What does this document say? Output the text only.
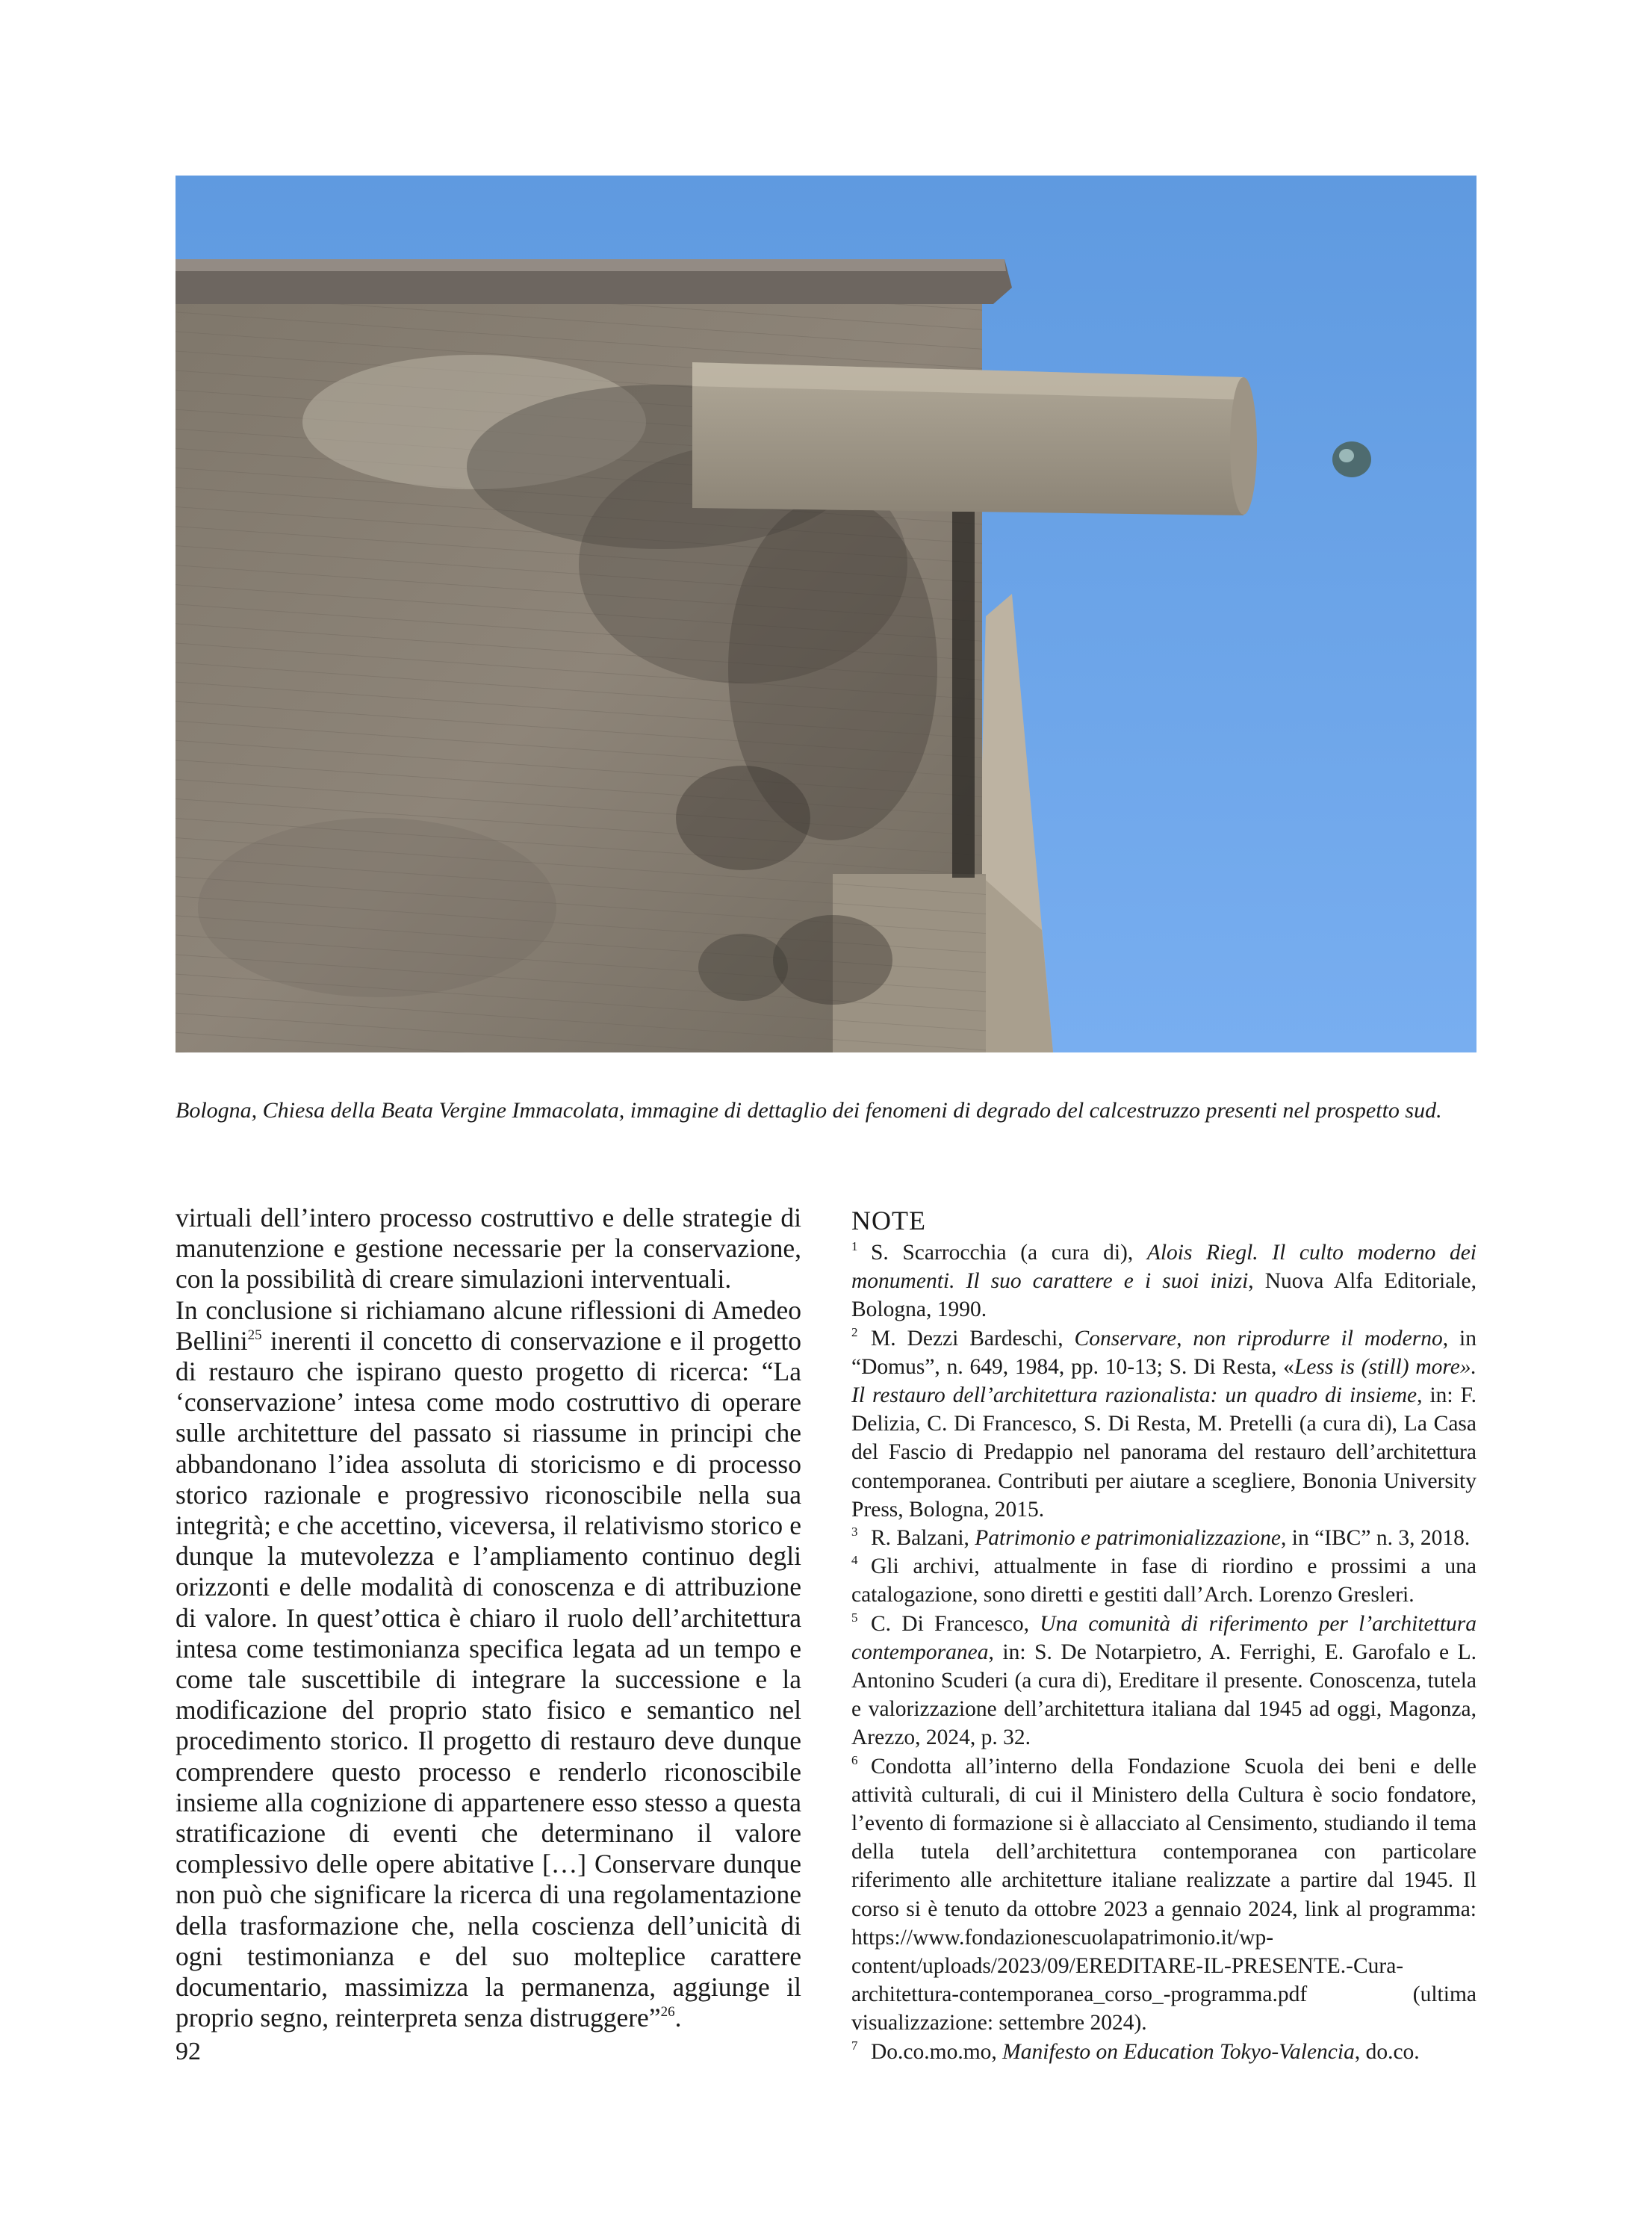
Bologna, Chiesa della Beata Vergine Immacolata, immagine di dettaglio dei fenomeni di degrado del calcestruzzo presenti nel prospetto sud.

virtuali dell’intero processo costruttivo e delle strategie di manutenzione e gestione necessarie per la conservazione, con la possibilità di creare simulazioni interventuali.

In conclusione si richiamano alcune riflessioni di Amedeo Bellini$^{25}$ inerenti il concetto di conservazione e il progetto di restauro che ispirano questo progetto di ricerca: “La ‘conservazione’ intesa come modo costruttivo di operare sulle architetture del passato si riassume in principi che abbandonano l’idea assoluta di storicismo e di processo storico razionale e progressivo riconoscibile nella sua integrità; e che accettino, viceversa, il relativismo storico e dunque la mutevolezza e l’ampliamento continuo degli orizzonti e delle modalità di conoscenza e di attribuzione di valore. In quest’ottica è chiaro il ruolo dell’architettura intesa come testimonianza specifica legata ad un tempo e come tale suscettibile di integrare la successione e la modificazione del proprio stato fisico e semantico nel procedimento storico. Il progetto di restauro deve dunque comprendere questo processo e renderlo riconoscibile insieme alla cognizione di appartenere esso stesso a questa stratificazione di eventi che determinano il valore complessivo delle opere abitative […] Conservare dunque non può che significare la ricerca di una regolamentazione della trasformazione che, nella coscienza dell’unicità di ogni testimonianza e del suo molteplice carattere documentario, massimizza la permanenza, aggiunge il proprio segno, reinterpreta senza distruggere”$^{26}$.

NOTE

1 S. Scarrocchia (a cura di), Alois Riegl. Il culto moderno dei monumenti. Il suo carattere e i suoi inizi, Nuova Alfa Editoriale, Bologna, 1990.

2 M. Dezzi Bardeschi, Conservare, non riprodurre il moderno, in “Domus”, n. 649, 1984, pp. 10-13; S. Di Resta, «Less is (still) more». Il restauro dell’architettura razionalista: un quadro di insieme, in: F. Delizia, C. Di Francesco, S. Di Resta, M. Pretelli (a cura di), La Casa del Fascio di Predappio nel panorama del restauro dell’architettura contemporanea. Contributi per aiutare a scegliere, Bononia University Press, Bologna, 2015.

3 R. Balzani, Patrimonio e patrimonializzazione, in “IBC” n. 3, 2018.

4 Gli archivi, attualmente in fase di riordino e prossimi a una catalogazione, sono diretti e gestiti dall’Arch. Lorenzo Gresleri.

5 C. Di Francesco, Una comunità di riferimento per l’architettura contemporanea, in: S. De Notarpietro, A. Ferrighi, E. Garofalo e L. Antonino Scuderi (a cura di), Ereditare il presente. Conoscenza, tutela e valorizzazione dell’architettura italiana dal 1945 ad oggi, Magonza, Arezzo, 2024, p. 32.

6 Condotta all’interno della Fondazione Scuola dei beni e delle attività culturali, di cui il Ministero della Cultura è socio fondatore, l’evento di formazione si è allacciato al Censimento, studiando il tema della tutela dell’architettura contemporanea con particolare riferimento alle architetture italiane realizzate a partire dal 1945. Il corso si è tenuto da ottobre 2023 a gennaio 2024, link al programma: https://www.fondazionescuolapatrimonio.it/wp-content/uploads/2023/09/EREDITARE-IL-PRESENTE.-Cura-architettura-contemporanea_corso_-programma.pdf (ultima visualizzazione: settembre 2024).

7 Do.co.mo.mo, Manifesto on Education Tokyo-Valencia, do.co.

92
